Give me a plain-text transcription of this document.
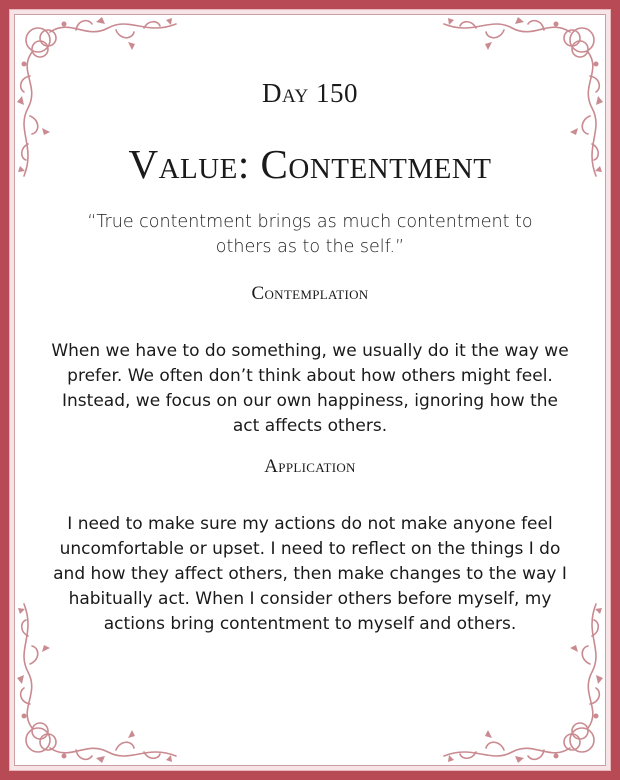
Day 150
Value: Contentment

“True contentment brings as much contentment to others as to the self.”

Contemplation

When we have to do something, we usually do it the way we prefer. We often don’t think about how others might feel. Instead, we focus on our own happiness, ignoring how the act affects others.

Application

I need to make sure my actions do not make anyone feel uncomfortable or upset. I need to reflect on the things I do and how they affect others, then make changes to the way I habitually act. When I consider others before myself, my actions bring contentment to myself and others.
